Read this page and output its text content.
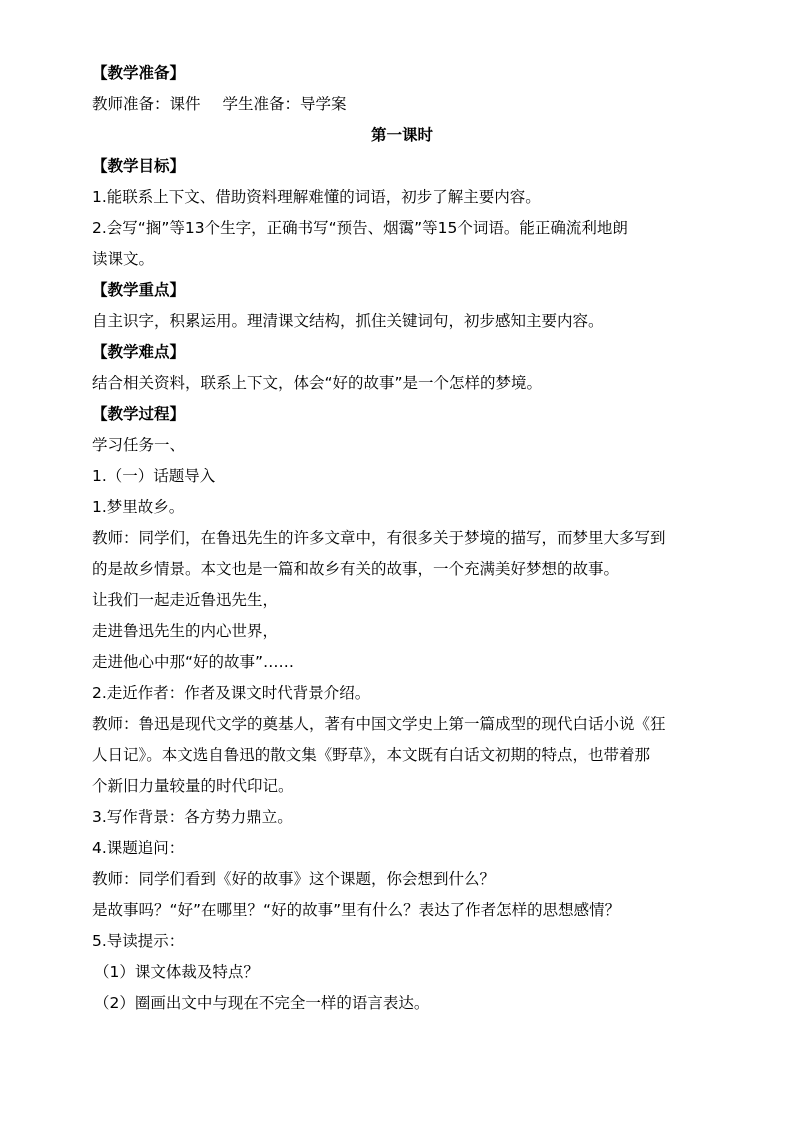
【教学准备】
教师准备：课件 学生准备：导学案
第一课时
【教学目标】
1.能联系上下文、借助资料理解难懂的词语，初步了解主要内容。
2.会写“搁”等13个生字，正确书写“预告、烟霭”等15个词语。能正确流利地朗
读课文。
【教学重点】
自主识字，积累运用。理清课文结构，抓住关键词句，初步感知主要内容。
【教学难点】
结合相关资料，联系上下文，体会“好的故事”是一个怎样的梦境。
【教学过程】
学习任务一、
1.（一）话题导入
1.梦里故乡。
教师：同学们，在鲁迅先生的许多文章中，有很多关于梦境的描写，而梦里大多写到
的是故乡情景。本文也是一篇和故乡有关的故事，一个充满美好梦想的故事。
让我们一起走近鲁迅先生，
走进鲁迅先生的内心世界，
走进他心中那“好的故事”……
2.走近作者：作者及课文时代背景介绍。
教师：鲁迅是现代文学的奠基人，著有中国文学史上第一篇成型的现代白话小说《狂
人日记》。本文选自鲁迅的散文集《野草》，本文既有白话文初期的特点，也带着那
个新旧力量较量的时代印记。
3.写作背景：各方势力鼎立。
4.课题追问：
教师：同学们看到《好的故事》这个课题，你会想到什么？
是故事吗？“好”在哪里？“好的故事”里有什么？表达了作者怎样的思想感情？
5.导读提示：
（1）课文体裁及特点？
（2）圈画出文中与现在不完全一样的语言表达。
